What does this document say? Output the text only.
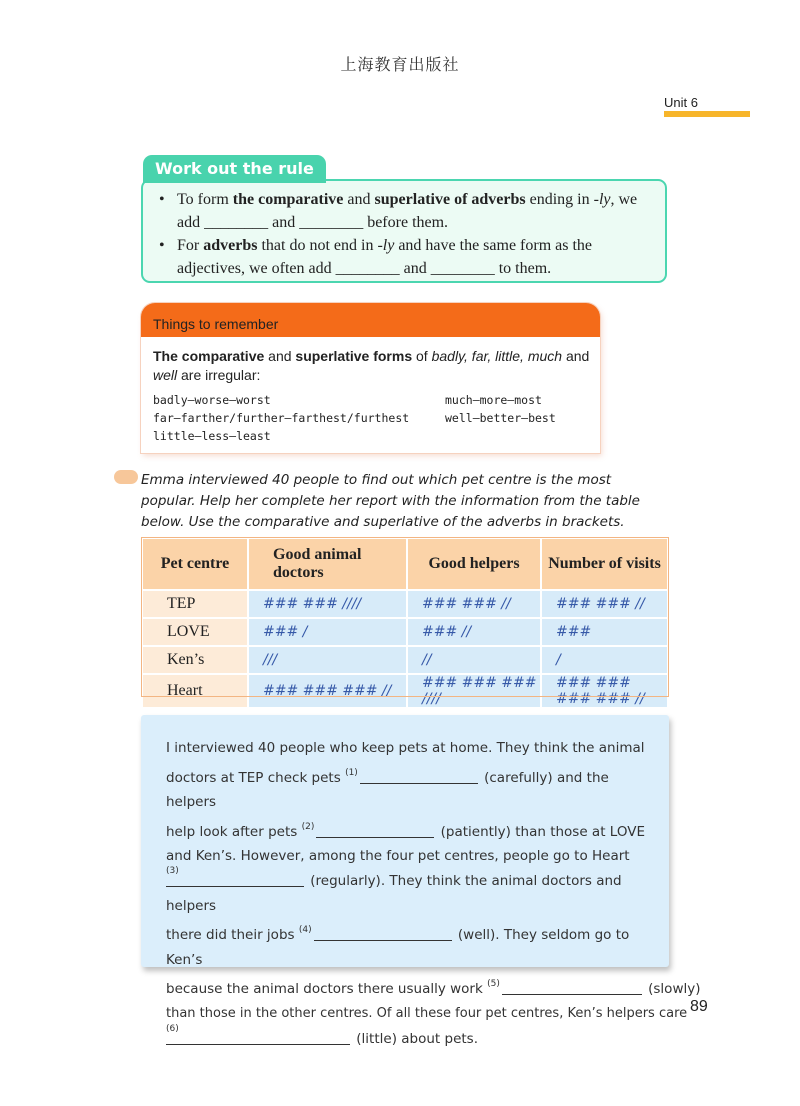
上海教育出版社
Unit 6
Work out the rule
• To form the comparative and superlative of adverbs ending in -ly, we add ________ and ________ before them.
• For adverbs that do not end in -ly and have the same form as the adjectives, we often add ________ and ________ to them.
Things to remember
The comparative and superlative forms of badly, far, little, much and well are irregular:
badly—worse—worst
far—farther/further—farthest/furthest
little—less—least
much—more—most
well—better—best
Emma interviewed 40 people to find out which pet centre is the most popular. Help her complete her report with the information from the table below. Use the comparative and superlative of the adverbs in brackets.
Pet centre	Good animal doctors	Good helpers	Number of visits
TEP	### ### ////	### ### //	### ### //
LOVE	### /	### //	###
Ken’s	///	//	/
Heart	### ### ### //	### ### ### ////	### ### ### ### //
I interviewed 40 people who keep pets at home. They think the animal
doctors at TEP check pets $^{(1)}$	(carefully) and the helpers
help look after pets $^{(2)}$	(patiently) than those at LOVE
and Ken’s. However, among the four pet centres, people go to Heart
(3)
(regularly). They think the animal doctors and helpers
there did their jobs $^{(4)}$	(well). They seldom go to Ken’s
because the animal doctors there usually work $^{(5)}$	(slowly)
than those in the other centres. Of all these four pet centres, Ken’s helpers care
(6)
(little) about pets.
89
